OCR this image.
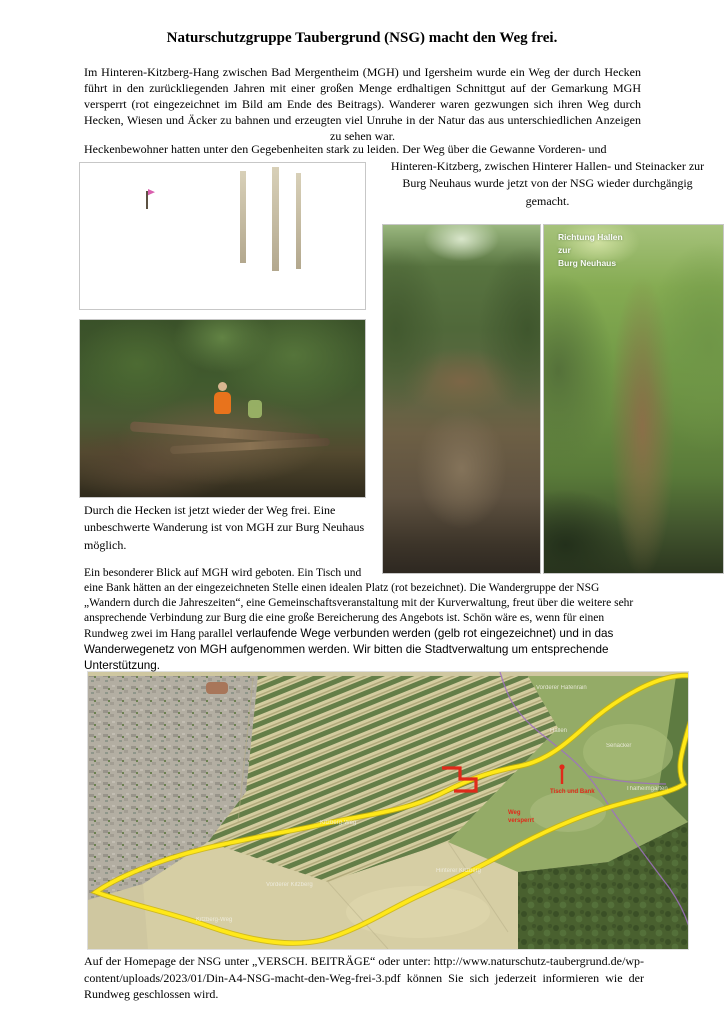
Naturschutzgruppe Taubergrund (NSG) macht den Weg frei.
Im Hinteren-Kitzberg-Hang zwischen Bad Mergentheim (MGH) und Igersheim wurde ein Weg der durch Hecken führt in den zurückliegenden Jahren mit einer großen Menge erdhaltigen Schnittgut auf der Gemarkung MGH versperrt (rot eingezeichnet im Bild am Ende des Beitrags). Wanderer waren gezwungen sich ihren Weg durch Hecken, Wiesen und Äcker zu bahnen und erzeugten viel Unruhe in der Natur das aus unterschiedlichen Anzeigen zu sehen war.
Heckenbewohner hatten unter den Gegebenheiten stark zu leiden. Der Weg über die Gewanne Vorderen- und
Hinteren-Kitzberg, zwischen Hinterer Hallen- und Steinacker zur Burg Neuhaus wurde jetzt von der NSG wieder durchgängig gemacht.
Richtung Hallen
zur
Burg Neuhaus
Durch die Hecken ist jetzt wieder der Weg frei. Eine unbeschwerte Wanderung ist von MGH zur Burg Neuhaus möglich.
Ein besonderer Blick auf MGH wird geboten. Ein Tisch und eine Bank hätten an der eingezeichneten Stelle einen idealen Platz (rot bezeichnet). Die Wandergruppe der NSG „Wandern durch die Jahreszeiten“, eine Gemeinschaftsveranstaltung mit der Kurverwaltung, freut über die weitere sehr ansprechende Verbindung zur Burg die eine große Bereicherung des Angebots ist. Schön wäre es, wenn für einen Rundweg zwei im Hang parallel verlaufende Wege verbunden werden (gelb rot eingezeichnet) und in das Wanderwegenetz von MGH aufgenommen werden. Wir bitten die Stadtverwaltung um entsprechende Unterstützung.
Vorderer Hafenrain
Hallen
Senacker
Thalheimgarten
Vorderer Kitzberg
Hinterer Kitzberg
Kitzberg-Weg
Kitzberg-Weg
Weg
versperrt
Tisch und Bank
Auf der Homepage der NSG unter „VERSCH. BEITRÄGE“ oder unter: http://www.naturschutz-taubergrund.de/wp-content/uploads/2023/01/Din-A4-NSG-macht-den-Weg-frei-3.pdf können Sie sich jederzeit informieren wie der Rundweg geschlossen wird.
